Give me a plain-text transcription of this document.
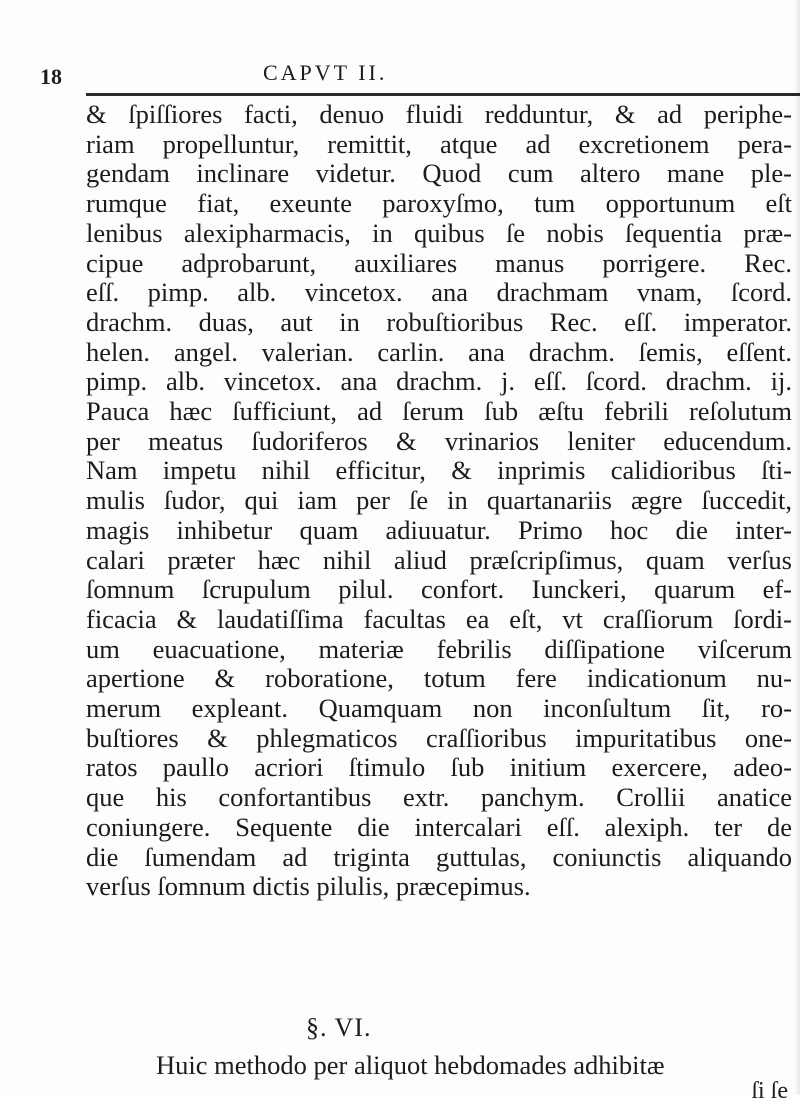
18	CAPVT II.
& ſpiſſiores facti, denuo fluidi redduntur, & ad periphe-
riam propelluntur, remittit, atque ad excretionem pera-
gendam inclinare videtur. Quod cum altero mane ple-
rumque fiat, exeunte paroxyſmo, tum opportunum eſt
lenibus alexipharmacis, in quibus ſe nobis ſequentia præ-
cipue adprobarunt, auxiliares manus porrigere. Rec.
eſſ. pimp. alb. vincetox. ana drachmam vnam, ſcord.
drachm. duas, aut in robuſtioribus Rec. eſſ. imperator.
helen. angel. valerian. carlin. ana drachm. ſemis, eſſent.
pimp. alb. vincetox. ana drachm. j. eſſ. ſcord. drachm. ij.
Pauca hæc ſufficiunt, ad ſerum ſub æſtu febrili reſolutum
per meatus ſudoriferos & vrinarios leniter educendum.
Nam impetu nihil efficitur, & inprimis calidioribus ſti-
mulis ſudor, qui iam per ſe in quartanariis ægre ſuccedit,
magis inhibetur quam adiuuatur. Primo hoc die inter-
calari præter hæc nihil aliud præſcripſimus, quam verſus
ſomnum ſcrupulum pilul. confort. Iunckeri, quarum ef-
ficacia & laudatiſſima facultas ea eſt, vt craſſiorum ſordi-
um euacuatione, materiæ febrilis diſſipatione viſcerum
apertione & roboratione, totum fere indicationum nu-
merum expleant. Quamquam non inconſultum ſit, ro-
buſtiores & phlegmaticos craſſioribus impuritatibus one-
ratos paullo acriori ſtimulo ſub initium exercere, adeo-
que his confortantibus extr. panchym. Crollii anatice
coniungere. Sequente die intercalari eſſ. alexiph. ter de
die ſumendam ad triginta guttulas, coniunctis aliquando
verſus ſomnum dictis pilulis, præcepimus.
§. VI.
Huic methodo per aliquot hebdomades adhibitæ
ſi ſe
